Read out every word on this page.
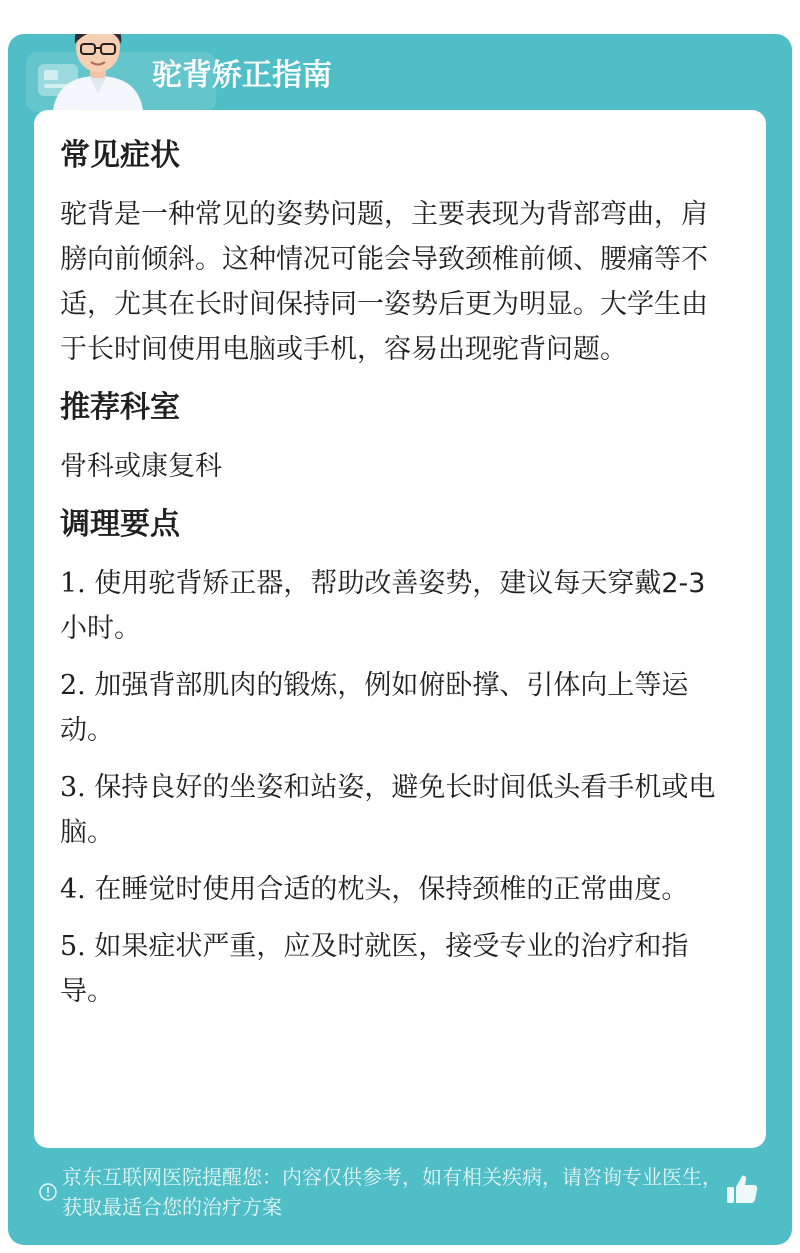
驼背矫正指南
常见症状

驼背是一种常见的姿势问题，主要表现为背部弯曲，肩膀向前倾斜。这种情况可能会导致颈椎前倾、腰痛等不适，尤其在长时间保持同一姿势后更为明显。大学生由于长时间使用电脑或手机，容易出现驼背问题。

推荐科室

骨科或康复科

调理要点

1. 使用驼背矫正器，帮助改善姿势，建议每天穿戴2-3小时。

2. 加强背部肌肉的锻炼，例如俯卧撑、引体向上等运动。

3. 保持良好的坐姿和站姿，避免长时间低头看手机或电脑。

4. 在睡觉时使用合适的枕头，保持颈椎的正常曲度。

5. 如果症状严重，应及时就医，接受专业的治疗和指导。

京东互联网医院提醒您：内容仅供参考，如有相关疾病，请咨询专业医生，获取最适合您的治疗方案
